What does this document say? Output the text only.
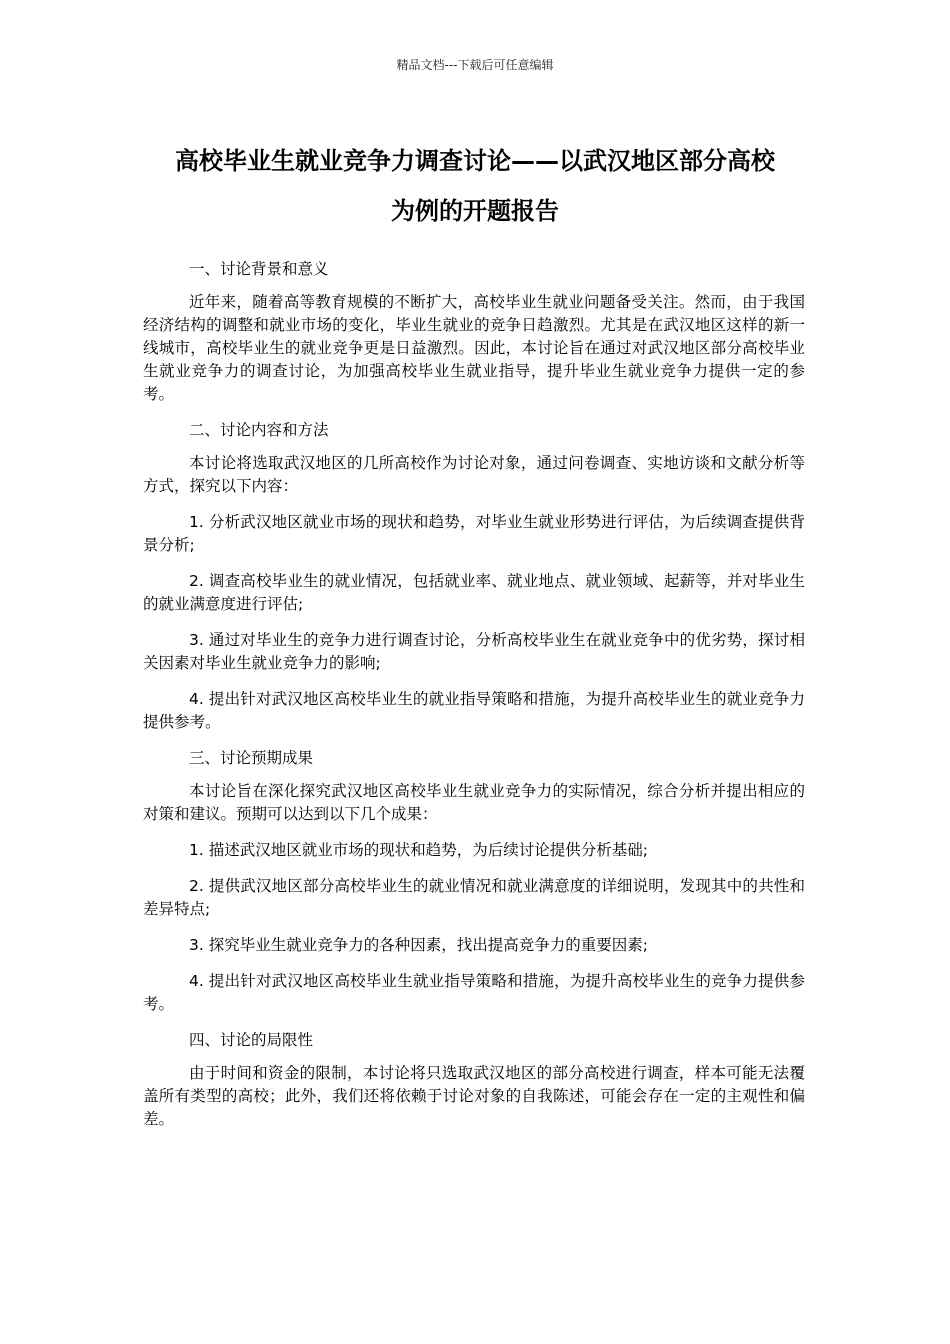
精品文档---下载后可任意编辑
高校毕业生就业竞争力调查讨论——以武汉地区部分高校
为例的开题报告

一、讨论背景和意义

近年来，随着高等教育规模的不断扩大，高校毕业生就业问题备受关注。然而，由于我国经济结构的调整和就业市场的变化，毕业生就业的竞争日趋激烈。尤其是在武汉地区这样的新一线城市，高校毕业生的就业竞争更是日益激烈。因此，本讨论旨在通过对武汉地区部分高校毕业生就业竞争力的调查讨论，为加强高校毕业生就业指导，提升毕业生就业竞争力提供一定的参考。

二、讨论内容和方法

本讨论将选取武汉地区的几所高校作为讨论对象，通过问卷调查、实地访谈和文献分析等方式，探究以下内容：

1. 分析武汉地区就业市场的现状和趋势，对毕业生就业形势进行评估，为后续调查提供背景分析;

2. 调查高校毕业生的就业情况，包括就业率、就业地点、就业领域、起薪等，并对毕业生的就业满意度进行评估;

3. 通过对毕业生的竞争力进行调查讨论，分析高校毕业生在就业竞争中的优劣势，探讨相关因素对毕业生就业竞争力的影响;

4. 提出针对武汉地区高校毕业生的就业指导策略和措施，为提升高校毕业生的就业竞争力提供参考。

三、讨论预期成果

本讨论旨在深化探究武汉地区高校毕业生就业竞争力的实际情况，综合分析并提出相应的对策和建议。预期可以达到以下几个成果：

1. 描述武汉地区就业市场的现状和趋势，为后续讨论提供分析基础;

2. 提供武汉地区部分高校毕业生的就业情况和就业满意度的详细说明，发现其中的共性和差异特点;

3. 探究毕业生就业竞争力的各种因素，找出提高竞争力的重要因素;

4. 提出针对武汉地区高校毕业生就业指导策略和措施，为提升高校毕业生的竞争力提供参考。

四、讨论的局限性

由于时间和资金的限制，本讨论将只选取武汉地区的部分高校进行调查，样本可能无法覆盖所有类型的高校；此外，我们还将依赖于讨论对象的自我陈述，可能会存在一定的主观性和偏差。
